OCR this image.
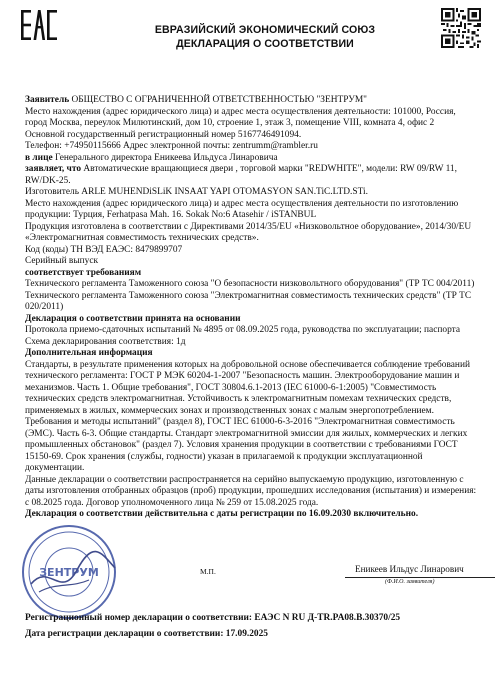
ЕВРАЗИЙСКИЙ ЭКОНОМИЧЕСКИЙ СОЮЗ
ДЕКЛАРАЦИЯ О СООТВЕТСТВИИ

Заявитель ОБЩЕСТВО С ОГРАНИЧЕННОЙ ОТВЕТСТВЕННОСТЬЮ "ЗЕНТРУМ"

Место нахождения (адрес юридического лица) и адрес места осуществления деятельности: 101000, Россия, город Москва, переулок Милютинский, дом 10, строение 1, этаж 3, помещение VIII, комната 4, офис 2

Основной государственный регистрационный номер 5167746491094.

Телефон: +74950115666 Адрес электронной почты: zentrumm@rambler.ru

в лице Генерального директора Еникеева Ильдуса Линаровича

заявляет, что Автоматические вращающиеся двери , торговой марки "REDWHITE", модели: RW 09/RW 11, RW/DK-25.

Изготовитель ARLE MUHENDiSLiK INSAAT YAPI OTOMASYON SAN.TiC.LTD.STi.

Место нахождения (адрес юридического лица) и адрес места осуществления деятельности по изготовлению продукции: Турция, Ferhatpasa Mah. 16. Sokak No:6 Atasehir / iSTANBUL

Продукция изготовлена в соответствии с Директивами 2014/35/EU «Низковольтное оборудование», 2014/30/EU «Электромагнитная совместимость технических средств».

Код (коды) ТН ВЭД ЕАЭС: 8479899707

Серийный выпуск

соответствует требованиям

Технического регламента Таможенного союза "О безопасности низковольтного оборудования" (ТР ТС 004/2011)

Технического регламента Таможенного союза "Электромагнитная совместимость технических средств" (ТР ТС 020/2011)

Декларация о соответствии принята на основании

Протокола приемо-сдаточных испытаний № 4895 от 08.09.2025 года, руководства по эксплуатации; паспорта

Схема декларирования соответствия: 1д

Дополнительная информация

Стандарты, в результате применения которых на добровольной основе обеспечивается соблюдение требований технического регламента: ГОСТ Р МЭК 60204-1-2007 "Безопасность машин. Электрооборудование машин и механизмов. Часть 1. Общие требования", ГОСТ 30804.6.1-2013 (IEC 61000-6-1:2005) "Совместимость технических средств электромагнитная. Устойчивость к электромагнитным помехам технических средств, применяемых в жилых, коммерческих зонах и производственных зонах с малым энергопотреблением. Требования и методы испытаний" (раздел 8), ГОСТ IEC 61000-6-3-2016 "Электромагнитная совместимость (ЭМС). Часть 6-3. Общие стандарты. Стандарт электромагнитной эмиссии для жилых, коммерческих и легких промышленных обстановок" (раздел 7). Условия хранения продукции в соответствии с требованиями ГОСТ 15150-69. Срок хранения (службы, годности) указан в прилагаемой к продукции эксплуатационной документации.

Данные декларации о соответствии распространяется на серийно выпускаемую продукцию, изготовленную с даты изготовления отобранных образцов (проб) продукции, прошедших исследования (испытания) и измерения: с 08.2025 года. Договор уполномоченного лица № 259 от 15.08.2025 года.

Декларация о соответствии действительна с даты регистрации по 16.09.2030 включительно.

ЗЕНТРУМ	М.П.	Еникеев Ильдус Линарович
(Ф.И.О. заявителя)
Регистрационный номер декларации о соответствии: ЕАЭС N RU Д-TR.PA08.B.30370/25
Дата регистрации декларации о соответствии: 17.09.2025
